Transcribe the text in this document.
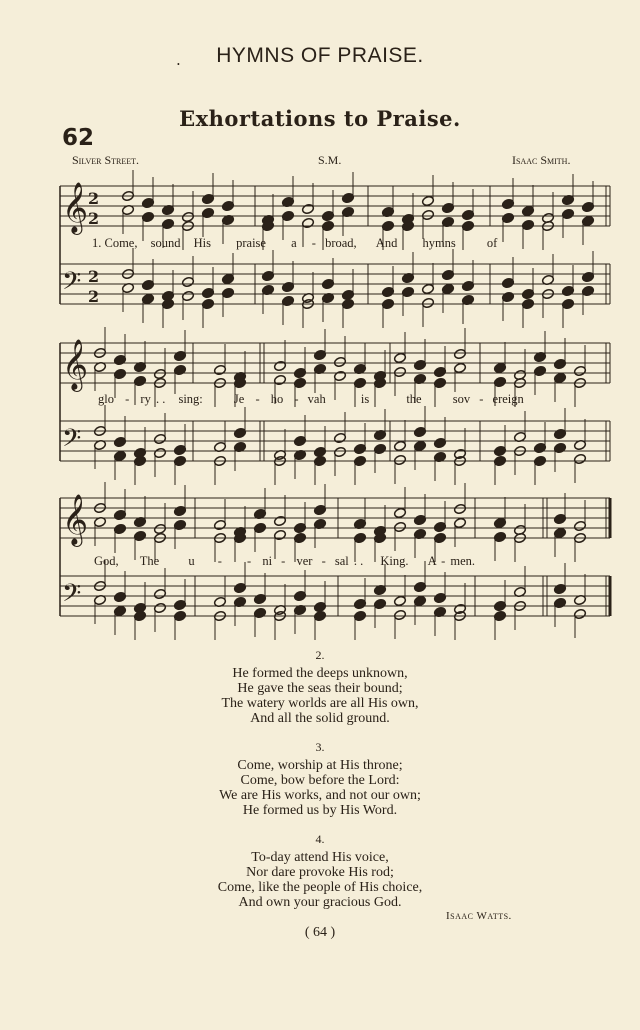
HYMNS OF PRAISE.
•
Exhortations to Praise.
62
Silver Street.	S.M.	Isaac Smith.
𝄞 2
2
𝄢 2
2
𝄞
𝄢
𝄞
𝄢
1. Come, sound His praise a - broad, And hymns of
glo - ry . . sing: Je - ho - vah	is	the sov - ereign
God, The u - - ni - ver - sal . . King. A - men.
2.
He formed the deeps unknown,
He gave the seas their bound;
The watery worlds are all His own,
And all the solid ground.
3.
Come, worship at His throne;
Come, bow before the Lord:
We are His works, and not our own;
He formed us by His Word.
4.
To-day attend His voice,
Nor dare provoke His rod;
Come, like the people of His choice,
And own your gracious God.
Isaac Watts.
( 64 )
